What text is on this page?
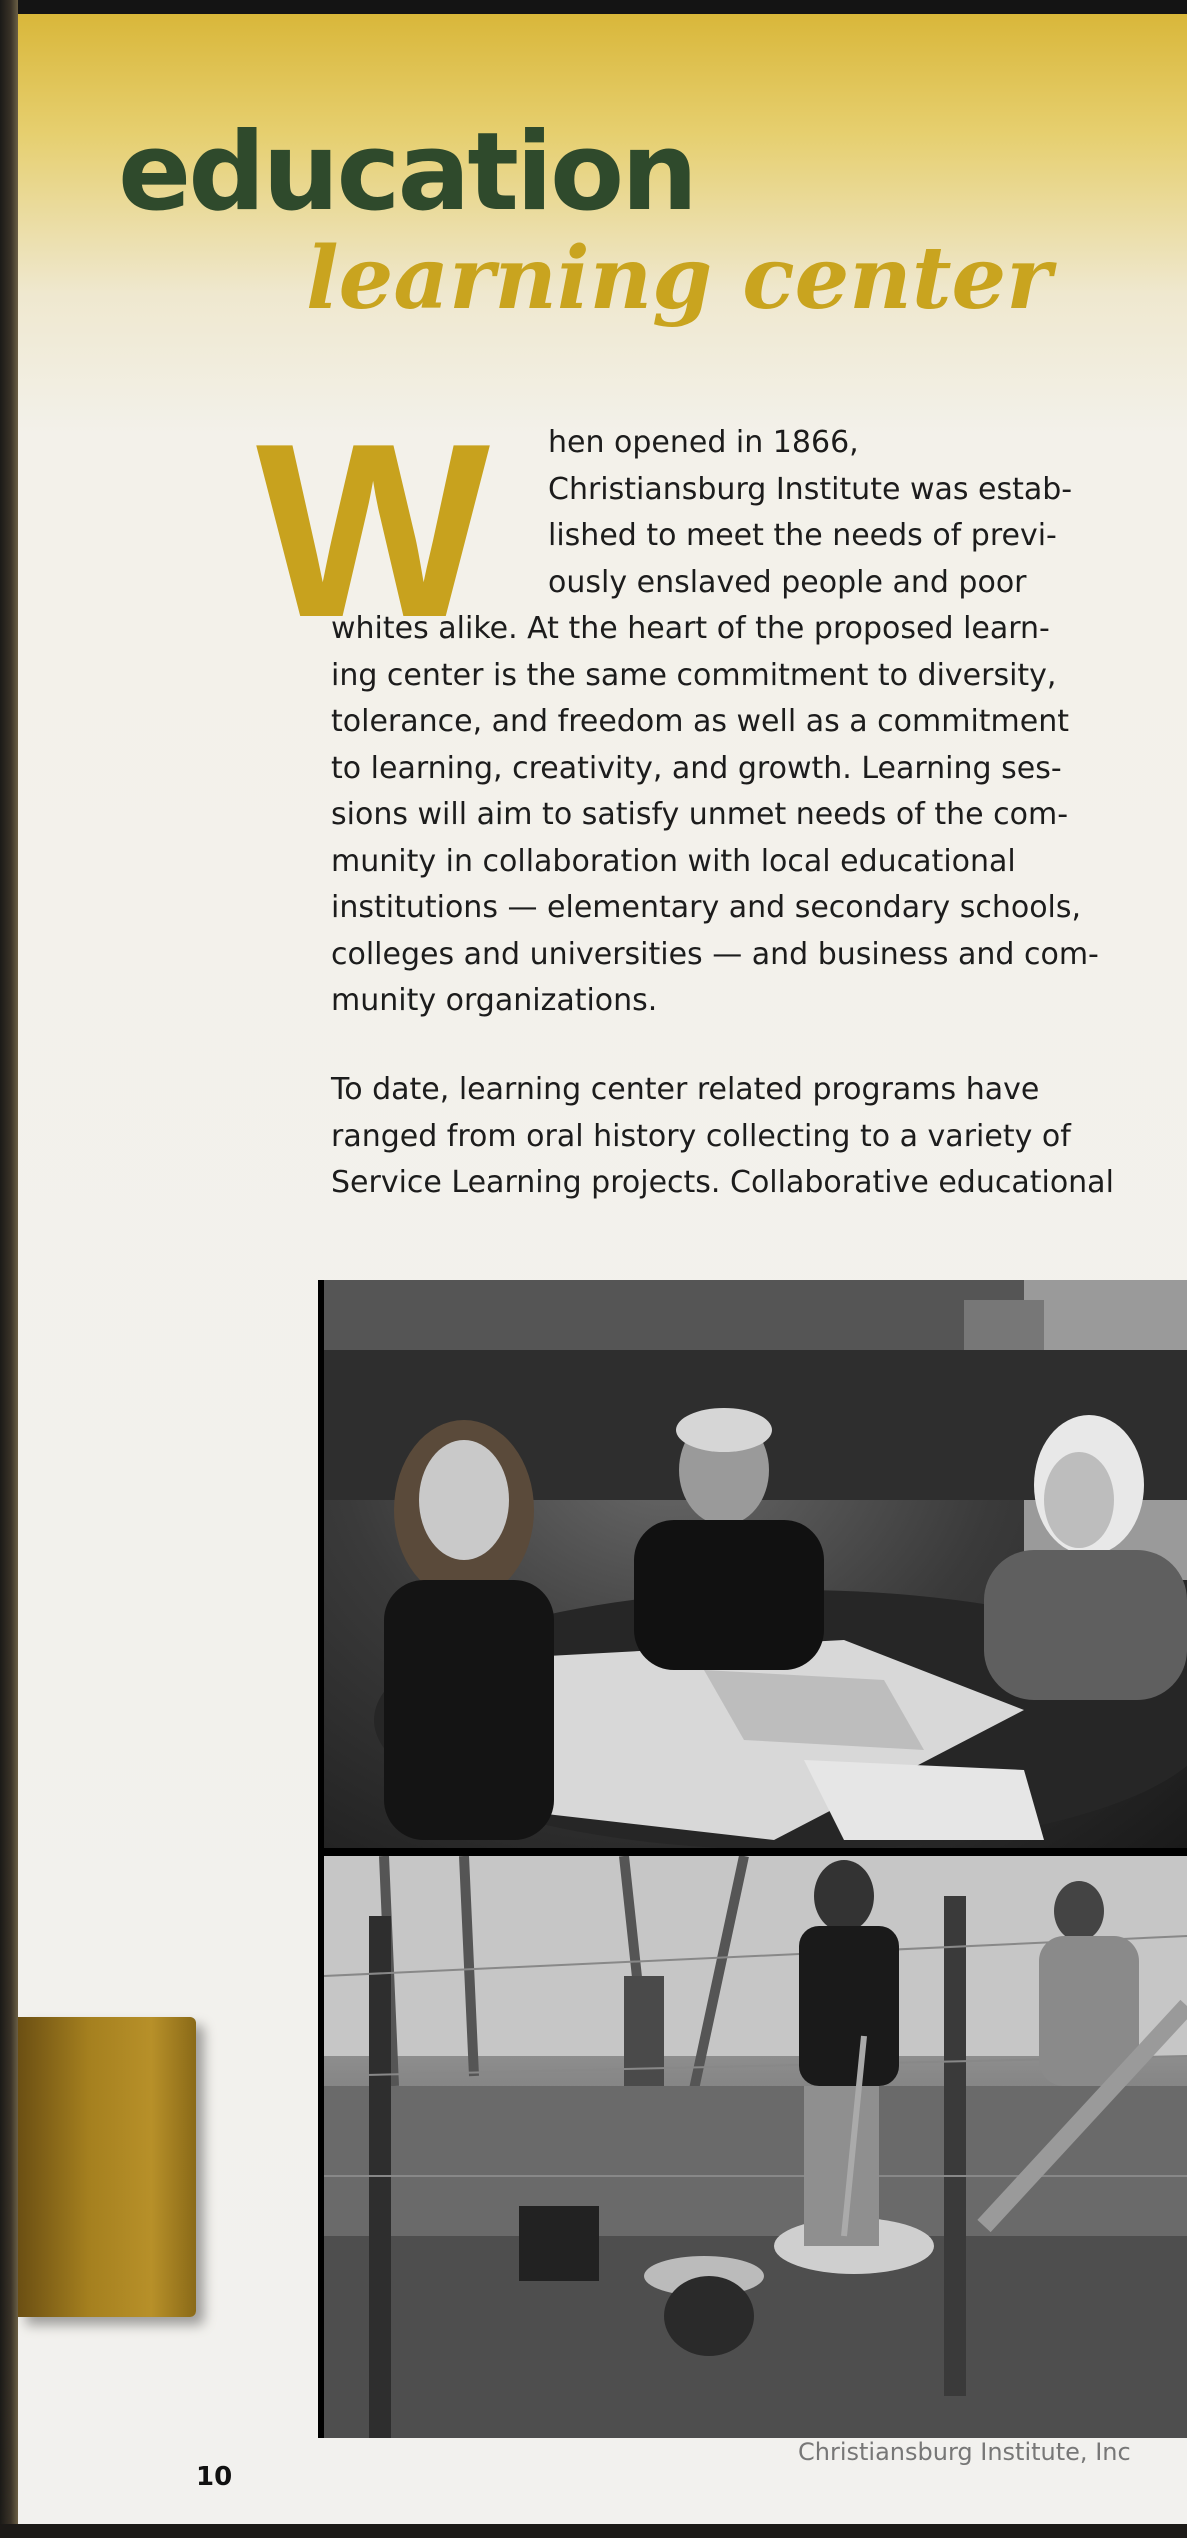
education
learning center
W hen opened in 1866,
Christiansburg Institute was estab-
lished to meet the needs of previ-
ously enslaved people and poor
whites alike. At the heart of the proposed learn-
ing center is the same commitment to diversity,
tolerance, and freedom as well as a commitment
to learning, creativity, and growth. Learning ses-
sions will aim to satisfy unmet needs of the com-
munity in collaboration with local educational
institutions — elementary and secondary schools,
colleges and universities — and business and com-
munity organizations.
To date, learning center related programs have
ranged from oral history collecting to a variety of
Service Learning projects. Collaborative educational

Christiansburg Institute, Inc

10
